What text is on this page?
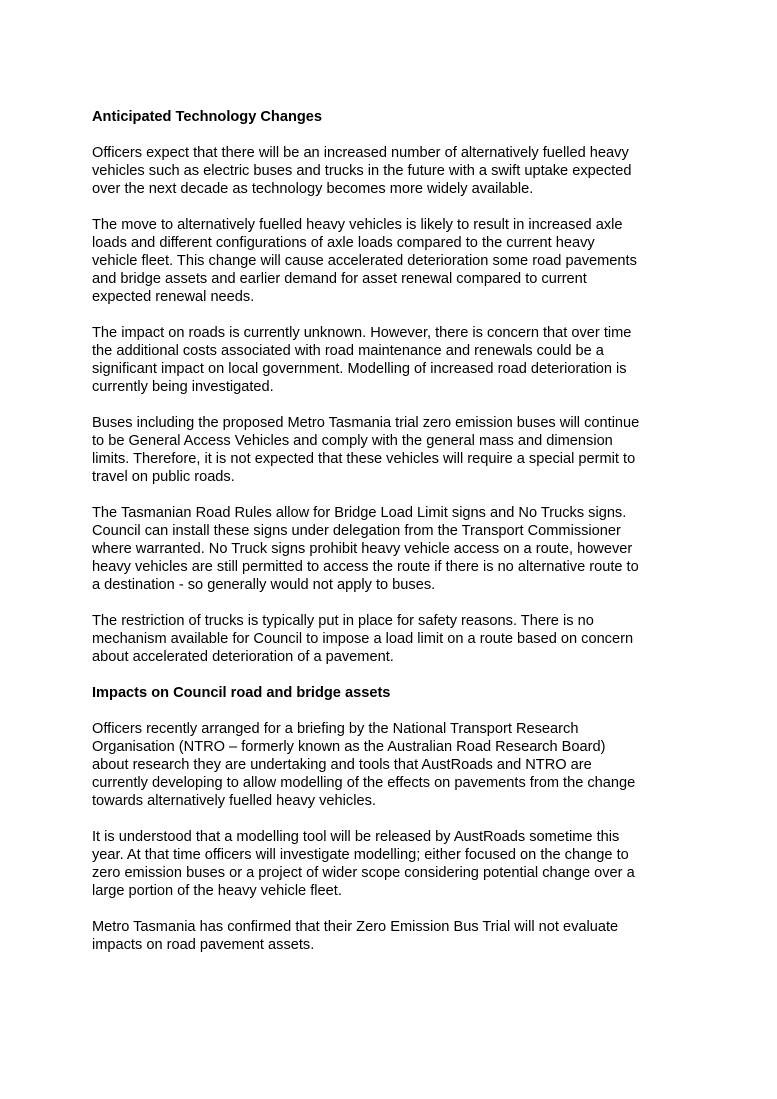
Anticipated Technology Changes
Officers expect that there will be an increased number of alternatively fuelled heavy
vehicles such as electric buses and trucks in the future with a swift uptake expected
over the next decade as technology becomes more widely available.
The move to alternatively fuelled heavy vehicles is likely to result in increased axle
loads and different configurations of axle loads compared to the current heavy
vehicle fleet. This change will cause accelerated deterioration some road pavements
and bridge assets and earlier demand for asset renewal compared to current
expected renewal needs.
The impact on roads is currently unknown. However, there is concern that over time
the additional costs associated with road maintenance and renewals could be a
significant impact on local government. Modelling of increased road deterioration is
currently being investigated.
Buses including the proposed Metro Tasmania trial zero emission buses will continue
to be General Access Vehicles and comply with the general mass and dimension
limits. Therefore, it is not expected that these vehicles will require a special permit to
travel on public roads.
The Tasmanian Road Rules allow for Bridge Load Limit signs and No Trucks signs.
Council can install these signs under delegation from the Transport Commissioner
where warranted. No Truck signs prohibit heavy vehicle access on a route, however
heavy vehicles are still permitted to access the route if there is no alternative route to
a destination - so generally would not apply to buses.
The restriction of trucks is typically put in place for safety reasons. There is no
mechanism available for Council to impose a load limit on a route based on concern
about accelerated deterioration of a pavement.
Impacts on Council road and bridge assets
Officers recently arranged for a briefing by the National Transport Research
Organisation (NTRO – formerly known as the Australian Road Research Board)
about research they are undertaking and tools that AustRoads and NTRO are
currently developing to allow modelling of the effects on pavements from the change
towards alternatively fuelled heavy vehicles.
It is understood that a modelling tool will be released by AustRoads sometime this
year. At that time officers will investigate modelling; either focused on the change to
zero emission buses or a project of wider scope considering potential change over a
large portion of the heavy vehicle fleet.
Metro Tasmania has confirmed that their Zero Emission Bus Trial will not evaluate
impacts on road pavement assets.
